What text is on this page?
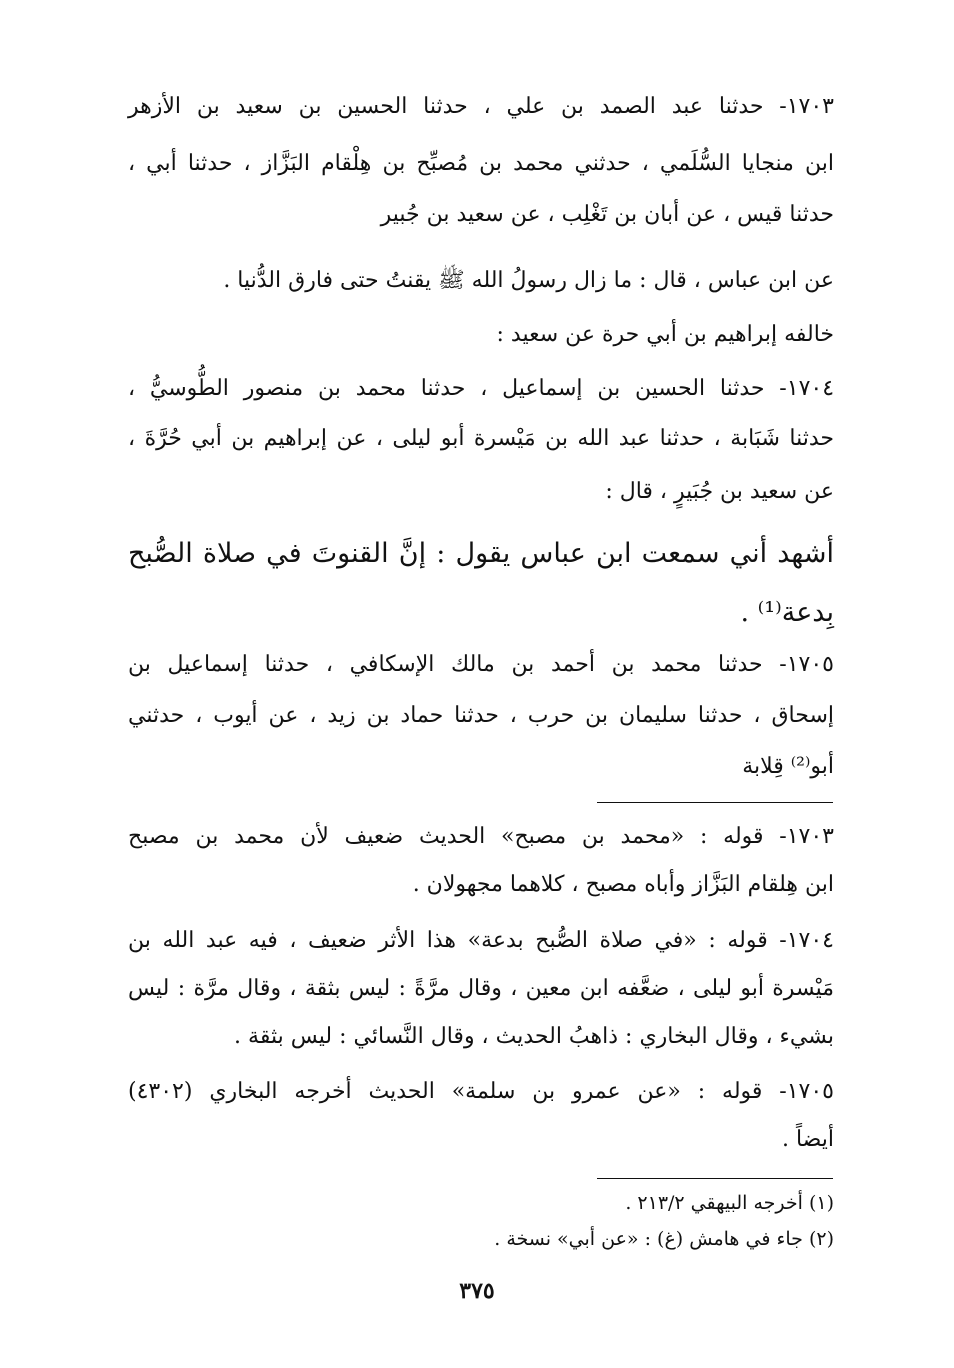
١٧٠٣- حدثنا عبد الصمد بن علي ، حدثنا الحسين بن سعيد بن الأزهر
ابن منجايا السُّلَمي ، حدثني محمد بن مُصبِّح بن هِلْقام البَزَّاز ، حدثنا أبي ،
حدثنا قيس ، عن أبان بن تَغْلِب ، عن سعيد بن جُبير
عن ابن عباس ، قال : ما زال رسولُ الله ﷺ يقنتُ حتى فارق الدُّنيا .
خالفه إبراهيم بن أبي حرة عن سعيد :
١٧٠٤- حدثنا الحسين بن إسماعيل ، حدثنا محمد بن منصور الطُّوسيُّ ،
حدثنا شَبَابة ، حدثنا عبد الله بن مَيْسرة أبو ليلى ، عن إبراهيم بن أبي حُرَّةَ ،
عن سعيد بن جُبَيرٍ ، قال :
أشهد أني سمعت ابن عباس يقول : إنَّ القنوتَ في صلاة الصُّبح
بِدعة⁽¹⁾ .
١٧٠٥- حدثنا محمد بن أحمد بن مالك الإسكافي ، حدثنا إسماعيل بن
إسحاق ، حدثنا سليمان بن حرب ، حدثنا حماد بن زيد ، عن أيوب ، حدثني
أبو⁽²⁾ قِلابة
١٧٠٣- قوله : «محمد بن مصبح» الحديث ضعيف لأن محمد بن مصبح
ابن هِلقام البَزَّاز وأباه مصبح ، كلاهما مجهولان .
١٧٠٤- قوله : «في صلاة الصُّبح بدعة» هذا الأثر ضعيف ، فيه عبد الله بن
مَيْسرة أبو ليلى ، ضعَّفه ابن معين ، وقال مرَّةً : ليس بثقة ، وقال مرَّة : ليس
بشيء ، وقال البخاري : ذاهبُ الحديث ، وقال النَّسائي : ليس بثقة .
١٧٠٥- قوله : «عن عمرو بن سلمة» الحديث أخرجه البخاري (٤٣٠٢)
أيضاً .
(١) أخرجه البيهقي ٢١٣/٢ .
(٢) جاء في هامش (غ) : «عن أبي» نسخة .
٣٧٥
